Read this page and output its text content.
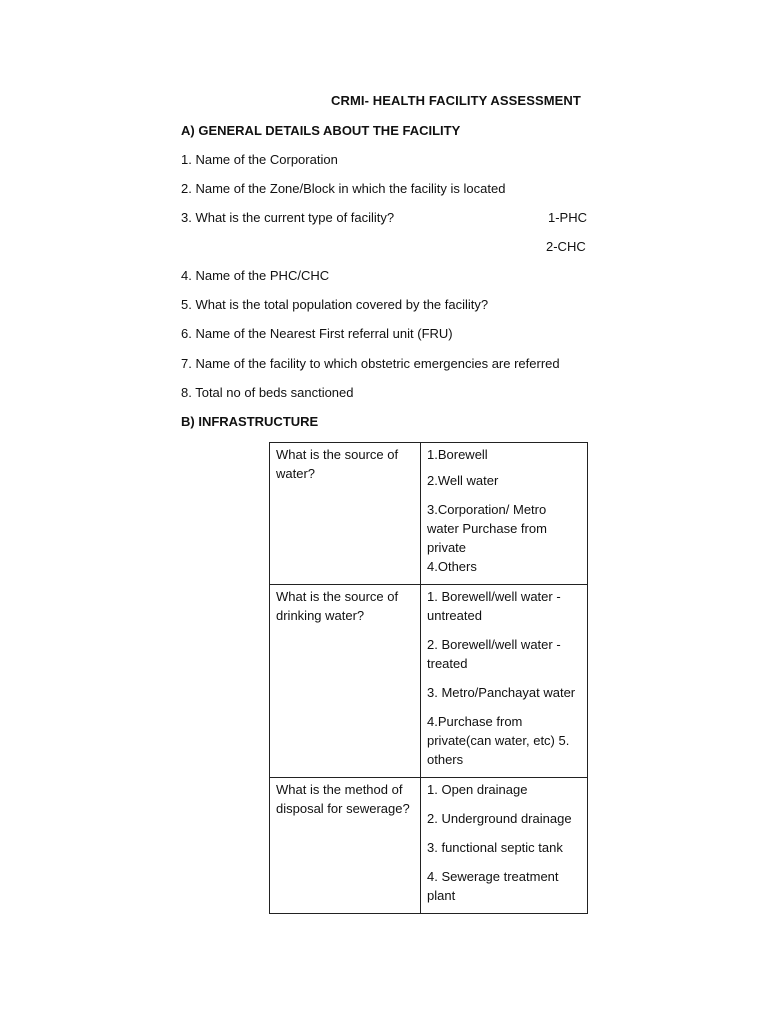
CRMI- HEALTH FACILITY ASSESSMENT
A) GENERAL DETAILS ABOUT THE FACILITY
1. Name of the Corporation
2. Name of the Zone/Block in which the facility is located
3. What is the current type of facility?	1-PHC
2-CHC
4. Name of the PHC/CHC
5. What is the total population covered by the facility?
6. Name of the Nearest First referral unit (FRU)
7. Name of the facility to which obstetric emergencies are referred
8. Total no of beds sanctioned
B) INFRASTRUCTURE
What is the source of water?	1.Borewell

2.Well water

3.Corporation/ Metro water Purchase from private

4.Others

What is the source of drinking water?	1. Borewell/well water - untreated

2. Borewell/well water - treated

3. Metro/Panchayat water

4.Purchase from private(can water, etc) 5. others

What is the method of disposal for sewerage?	1. Open drainage

2. Underground drainage

3. functional septic tank

4. Sewerage treatment plant
